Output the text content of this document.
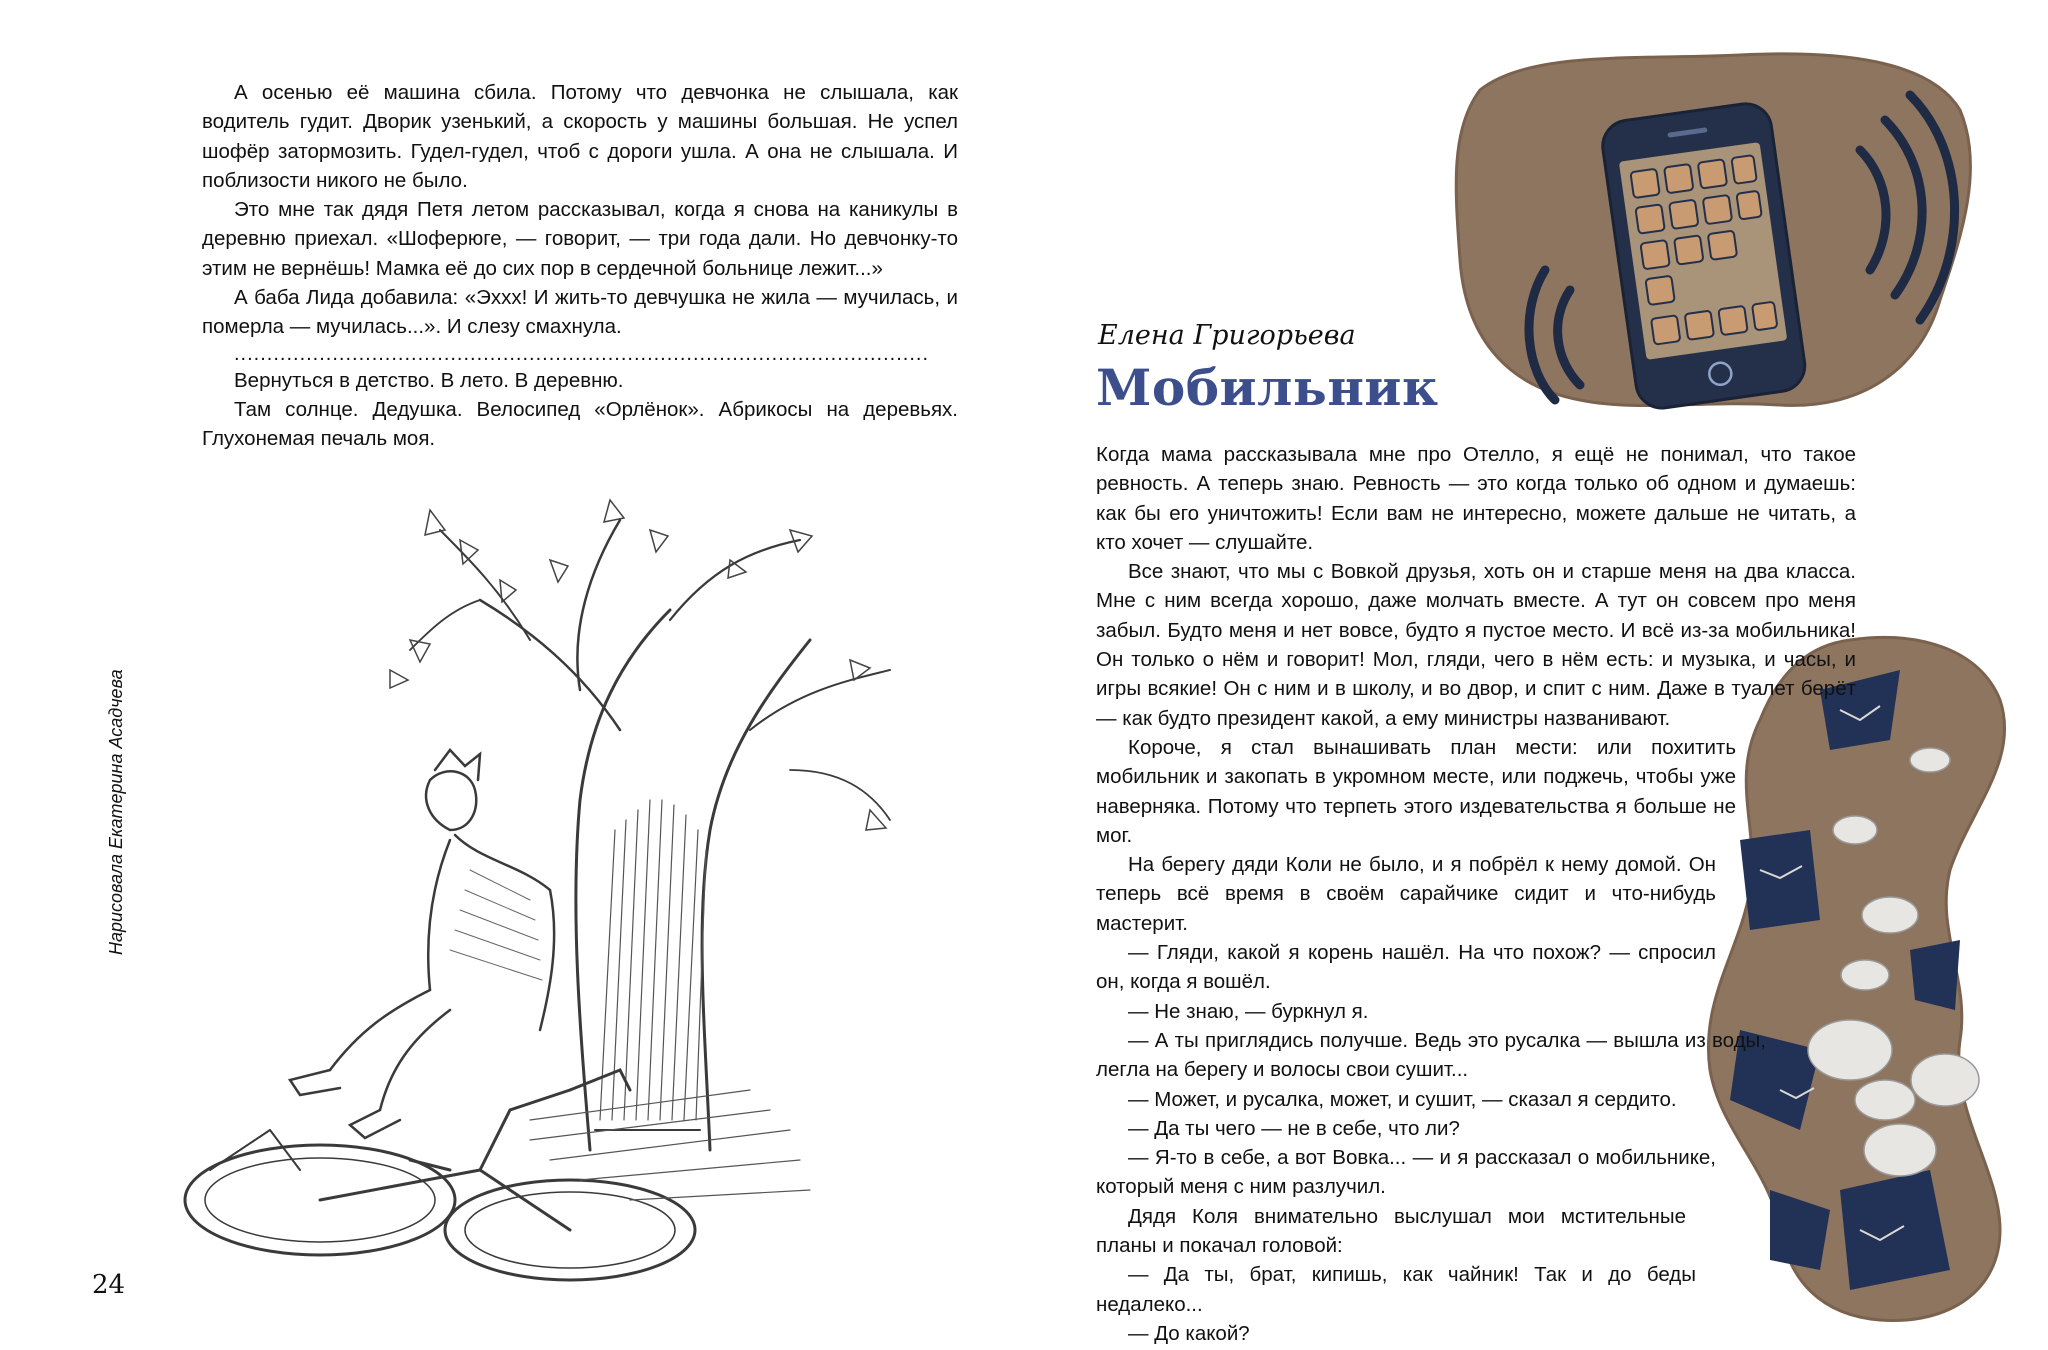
А осенью её машина сбила. Потому что девчонка не слышала, как водитель гудит. Дворик узенький, а скорость у машины большая. Не успел шофёр затормозить. Гудел-гудел, чтоб с дороги ушла. А она не слышала. И поблизости никого не было.

Это мне так дядя Петя летом рассказывал, когда я снова на каникулы в деревню приехал. «Шоферюге, — говорит, — три года дали. Но девчонку-то этим не вернёшь! Мамка её до сих пор в сердечной больнице лежит...»

А баба Лида добавила: «Эхxx! И жить-то девчушка не жила — мучилась, и померла — мучилась...». И слезу смахнула.

..........................................................................................................

Вернуться в детство. В лето. В деревню.

Там солнце. Дедушка. Велосипед «Орлёнок». Абрикосы на деревьях. Глухонемая печаль моя.

Нарисовала Екатерина Асадчева
24
Елена Григорьева
Мобильник

Когда мама рассказывала мне про Отелло, я ещё не понимал, что такое ревность. А теперь знаю. Ревность — это когда только об одном и думаешь: как бы его уничтожить! Если вам не интересно, можете дальше не читать, а кто хочет — слушайте.

Все знают, что мы с Вовкой друзья, хоть он и старше меня на два класса. Мне с ним всегда хорошо, даже молчать вместе. А тут он совсем про меня забыл. Будто меня и нет вовсе, будто я пустое место. И всё из-за мобильника! Он только о нём и говорит! Мол, гляди, чего в нём есть: и музыка, и часы, и игры всякие! Он с ним и в школу, и во двор, и спит с ним. Даже в туалет берёт — как будто президент какой, а ему министры названивают.

Короче, я стал вынашивать план мести: или похитить мобильник и закопать в укромном месте, или поджечь, чтобы уже наверняка. Потому что терпеть этого издевательства я больше не мог.

На берегу дяди Коли не было, и я побрёл к нему домой. Он теперь всё время в своём сарайчике сидит и что-нибудь мастерит.

— Гляди, какой я корень нашёл. На что похож? — спросил он, когда я вошёл.

— Не знаю, — буркнул я.

— А ты приглядись получше. Ведь это русалка — вышла из воды, легла на берегу и волосы свои сушит...

— Может, и русалка, может, и сушит, — сказал я сердито.

— Да ты чего — не в себе, что ли?

— Я-то в себе, а вот Вовка... — и я рассказал о мобильнике, который меня с ним разлучил.

Дядя Коля внимательно выслушал мои мстительные планы и покачал головой:

— Да ты, брат, кипишь, как чайник! Так и до беды недалеко...

— До какой?
